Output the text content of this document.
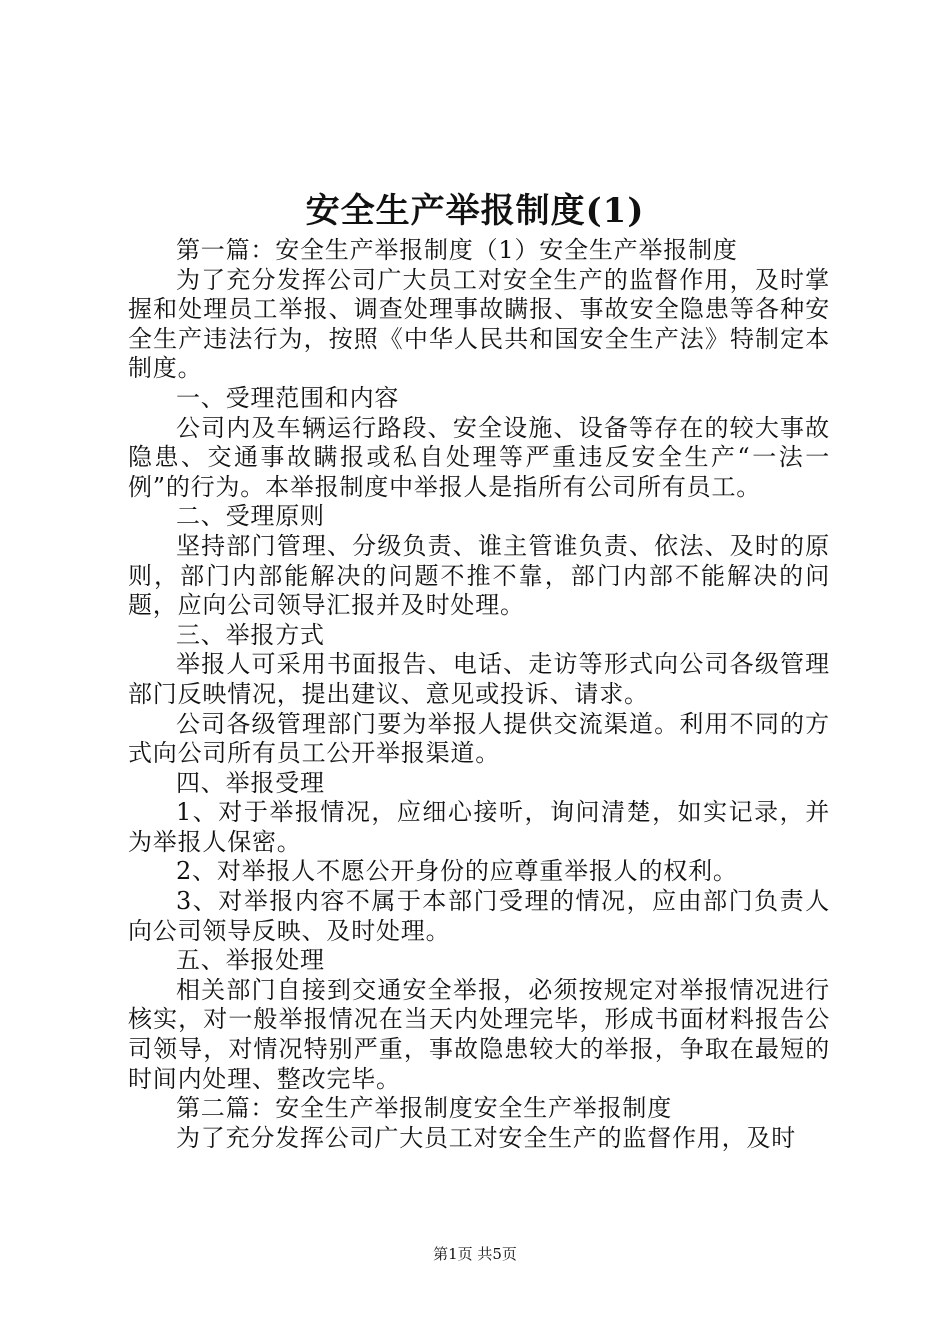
安全生产举报制度(1)

第一篇：安全生产举报制度（1）安全生产举报制度

为了充分发挥公司广大员工对安全生产的监督作用，及时掌握和处理员工举报、调查处理事故瞒报、事故安全隐患等各种安全生产违法行为，按照《中华人民共和国安全生产法》特制定本制度。

一、受理范围和内容

公司内及车辆运行路段、安全设施、设备等存在的较大事故隐患、交通事故瞒报或私自处理等严重违反安全生产“一法一例”的行为。本举报制度中举报人是指所有公司所有员工。

二、受理原则

坚持部门管理、分级负责、谁主管谁负责、依法、及时的原则，部门内部能解决的问题不推不靠，部门内部不能解决的问题，应向公司领导汇报并及时处理。

三、举报方式

举报人可采用书面报告、电话、走访等形式向公司各级管理部门反映情况，提出建议、意见或投诉、请求。

公司各级管理部门要为举报人提供交流渠道。利用不同的方式向公司所有员工公开举报渠道。

四、举报受理

1、对于举报情况，应细心接听，询问清楚，如实记录，并为举报人保密。

2、对举报人不愿公开身份的应尊重举报人的权利。

3、对举报内容不属于本部门受理的情况，应由部门负责人向公司领导反映、及时处理。

五、举报处理

相关部门自接到交通安全举报，必须按规定对举报情况进行核实，对一般举报情况在当天内处理完毕，形成书面材料报告公司领导，对情况特别严重，事故隐患较大的举报，争取在最短的时间内处理、整改完毕。

第二篇：安全生产举报制度安全生产举报制度

为了充分发挥公司广大员工对安全生产的监督作用，及时

第1页 共5页
